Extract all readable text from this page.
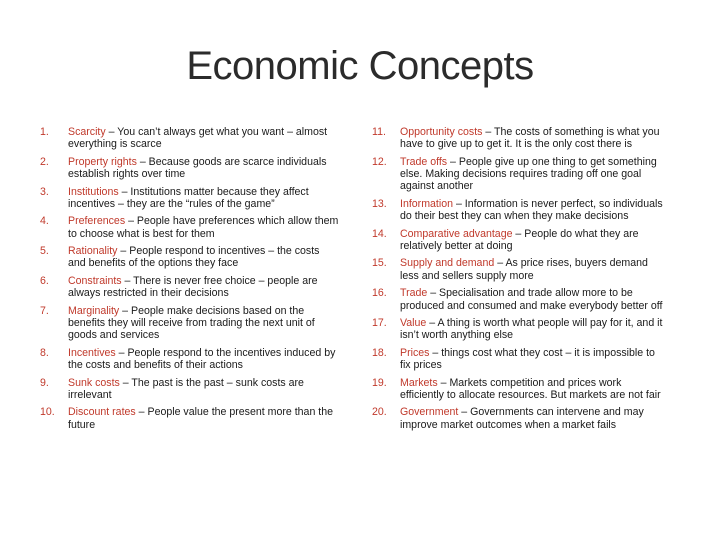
Economic Concepts
1.	Scarcity – You can’t always get what you want – almost everything is scarce
2.	Property rights – Because goods are scarce individuals establish rights over time
3.	Institutions – Institutions matter because they affect incentives – they are the “rules of the game”
4.	Preferences – People have preferences which allow them to choose what is best for them
5.	Rationality – People respond to incentives – the costs and benefits of the options they face
6.	Constraints – There is never free choice – people are always restricted in their decisions
7.	Marginality – People make decisions based on the benefits they will receive from trading the next unit of goods and services
8.	Incentives – People respond to the incentives induced by the costs and benefits of their actions
9.	Sunk costs – The past is the past – sunk costs are irrelevant
10.	Discount rates – People value the present more than the future
11.	Opportunity costs – The costs of something is what you have to give up to get it. It is the only cost there is
12.	Trade offs – People give up one thing to get something else. Making decisions requires trading off one goal against another
13.	Information – Information is never perfect, so individuals do their best they can when they make decisions
14.	Comparative advantage – People do what they are relatively better at doing
15.	Supply and demand – As price rises, buyers demand less and sellers supply more
16.	Trade – Specialisation and trade allow more to be produced and consumed and make everybody better off
17.	Value – A thing is worth what people will pay for it, and it isn’t worth anything else
18.	Prices – things cost what they cost – it is impossible to fix prices
19.	Markets – Markets competition and prices work efficiently to allocate resources. But markets are not fair
20.	Government – Governments can intervene and may improve market outcomes when a market fails
